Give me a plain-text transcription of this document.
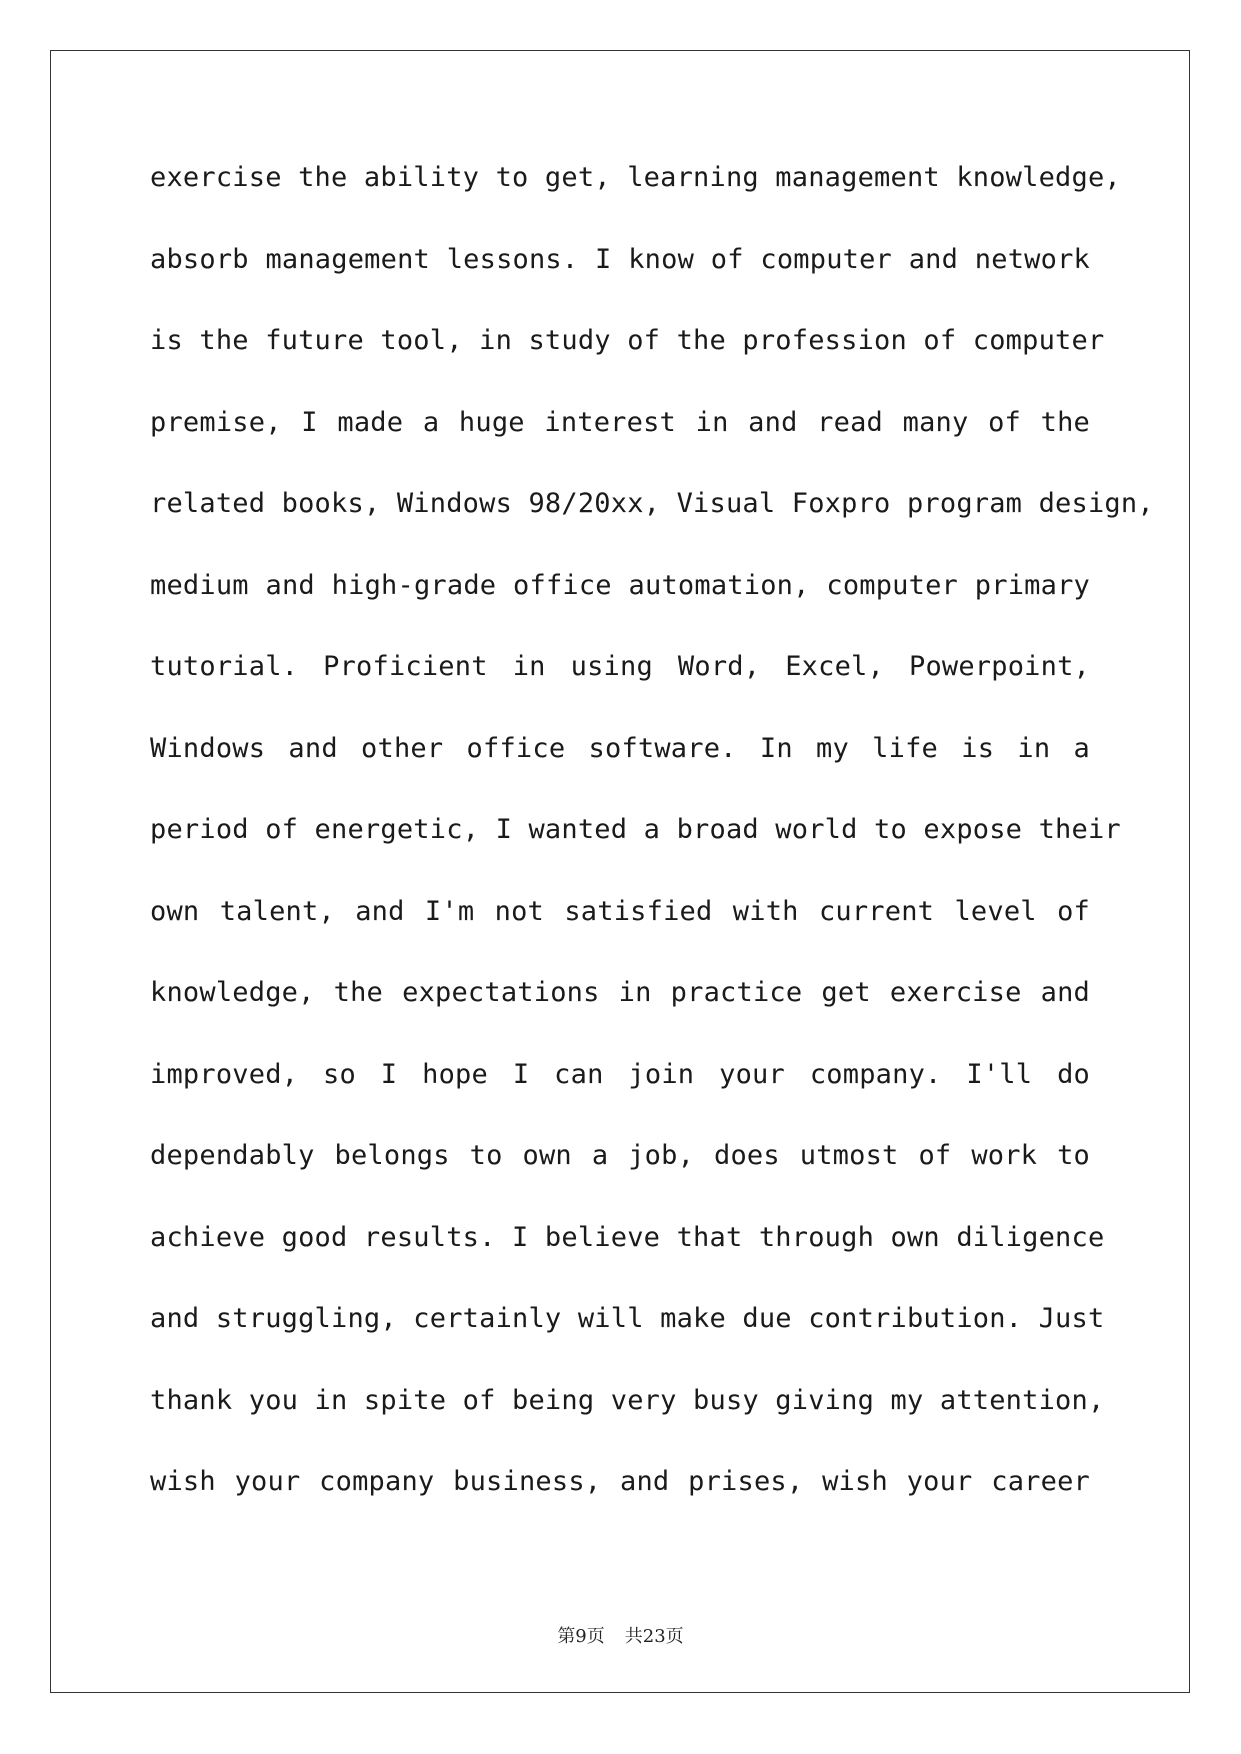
exercise the ability to get, learning management knowledge,
absorb management lessons. I know of computer and network
is the future tool, in study of the profession of computer
premise, I made a huge interest in and read many of the
related books, Windows 98/20xx, Visual Foxpro program design,
medium and high-grade office automation, computer primary
tutorial. Proficient in using Word, Excel, Powerpoint,
Windows and other office software. In my life is in a
period of energetic, I wanted a broad world to expose their
own talent, and I'm not satisfied with current level of
knowledge, the expectations in practice get exercise and
improved, so I hope I can join your company. I'll do
dependably belongs to own a job, does utmost of work to
achieve good results. I believe that through own diligence
and struggling, certainly will make due contribution. Just
thank you in spite of being very busy giving my attention,
wish your company business, and prises, wish your career
第9页 共23页
